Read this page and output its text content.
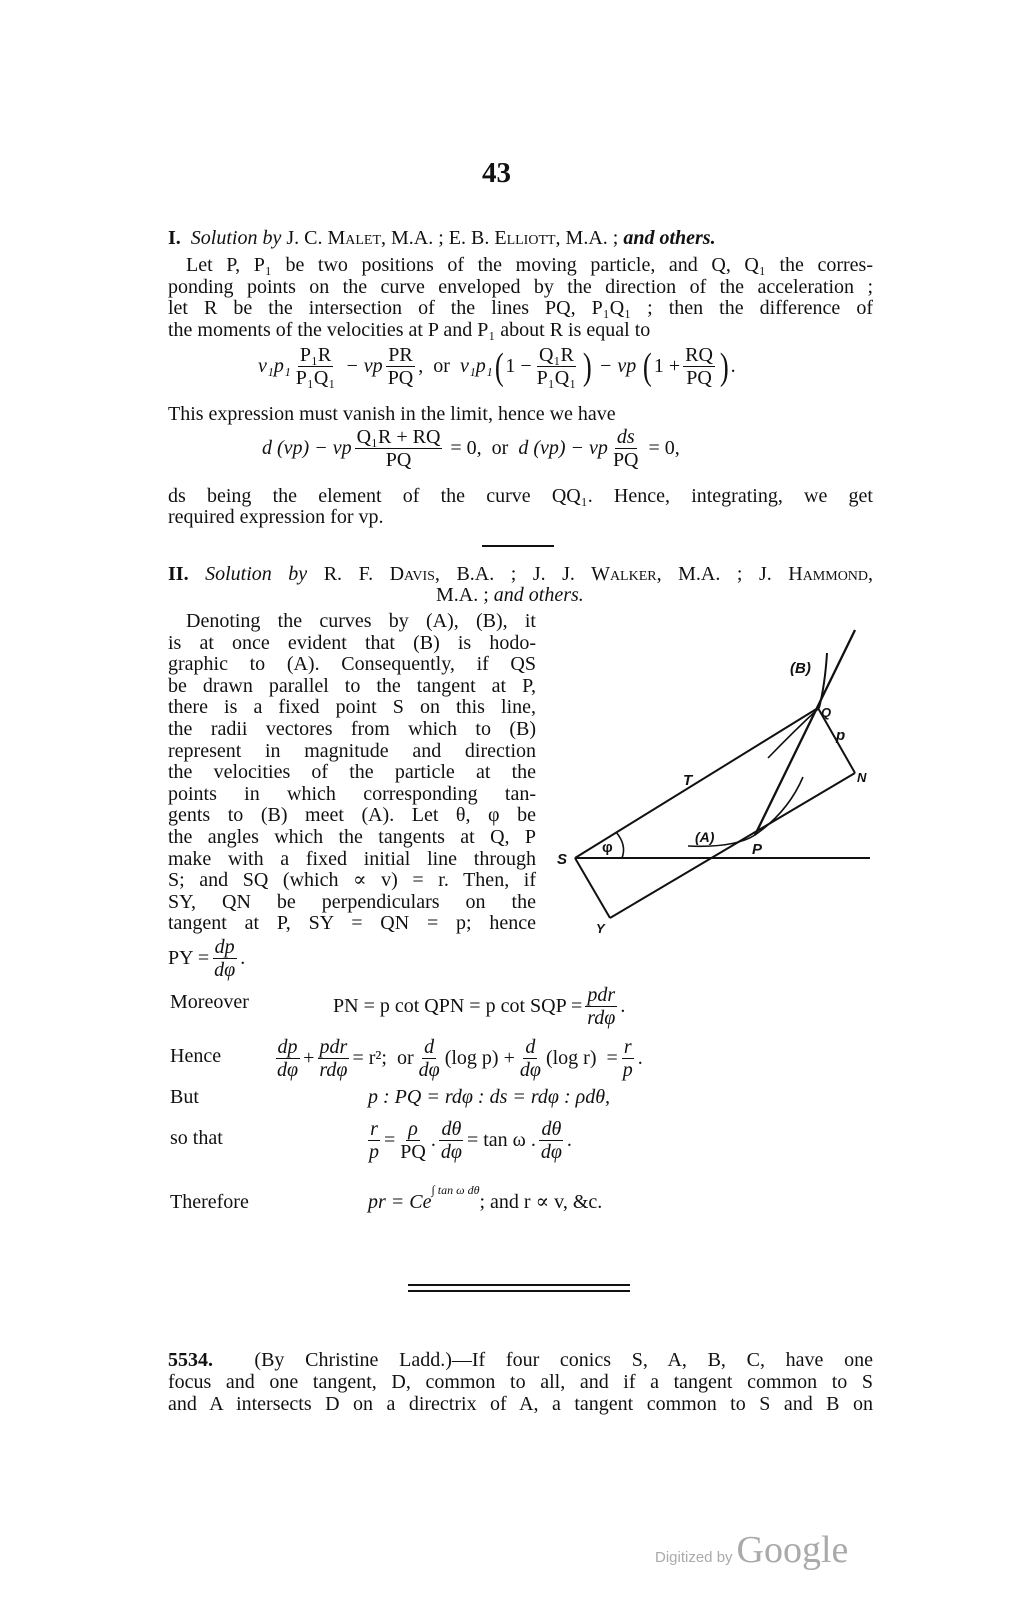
43
I. Solution by J. C. Malet, M.A. ; E. B. Elliott, M.A. ; and others.
Let P, P₁ be two positions of the moving particle, and Q, Q₁ the corres-
ponding points on the curve enveloped by the direction of the acceleration ;
let R be the intersection of the lines PQ, P₁Q₁ ; then the difference of
the moments of the velocities at P and P₁ about R is equal to
$v_1p_1 \frac{\text{P₁R}}{\text{P₁Q₁}}$ − vp $\frac{PR}{PQ}$ ,  or v₁p₁ ( $1 - \frac{\text{Q₁R}}{\text{P₁Q₁}}$ ) − vp ( $1 + \frac{RQ}{PQ}$ ) .
This expression must vanish in the limit, hence we have
d (vp) − vp $\frac{\text{Q₁R + RQ}}{PQ} = 0$,  or d (vp) − vp $\frac{ds}{PQ} = 0$,
ds being the element of the curve QQ₁. Hence, integrating, we get
required expression for vp.
II. Solution by R. F. Davis, B.A. ; J. J. Walker, M.A. ; J. Hammond,
M.A. ; and others.
Denoting the curves by (A), (B), it
is at once evident that (B) is hodo-
graphic to (A). Consequently, if QS
be drawn parallel to the tangent at P,
there is a fixed point S on this line,
the radii vectores from which to (B)
represent in magnitude and direction
the velocities of the particle at the
points in which corresponding tan-
gents to (B) meet (A). Let θ, φ be
the angles which the tangents at Q, P
make with a fixed initial line through
S; and SQ (which ∝ v) = r. Then, if
SY, QN be perpendiculars on the
tangent at P, SY = QN = p; hence
PY = $\frac{dp}{d\varphi}$ .
(B)
Q
p
N
T
(A)
P
φ
S
Y
Moreover	PN = p cot QPN = p cot SQP = pdr
rdφ
.
Hence	$\frac{dp}{d\varphi}$ + pdr
rdφ
= r²;  or $\frac{d}{d\varphi} (\log$ $p) + \frac{d}{d\varphi} (\log$ $r) = \frac{r}{p}$ .
But	p : PQ = rdφ : ds = rdφ : ρdθ,
so that	$\frac{r}{p} = \frac{\rho}{PQ}$ . $\frac{d\theta}{d\varphi} = \tan \omega$ . $\frac{d\theta}{d\varphi}$ .
Therefore	pr = $Ce^{\int tan \omega d\theta}$; and r ∝ v, &c.
5534. (By Christine Ladd.)—If four conics S, A, B, C, have one
focus and one tangent, D, common to all, and if a tangent common to S
and A intersects D on a directrix of A, a tangent common to S and B on
Digitized by Google
